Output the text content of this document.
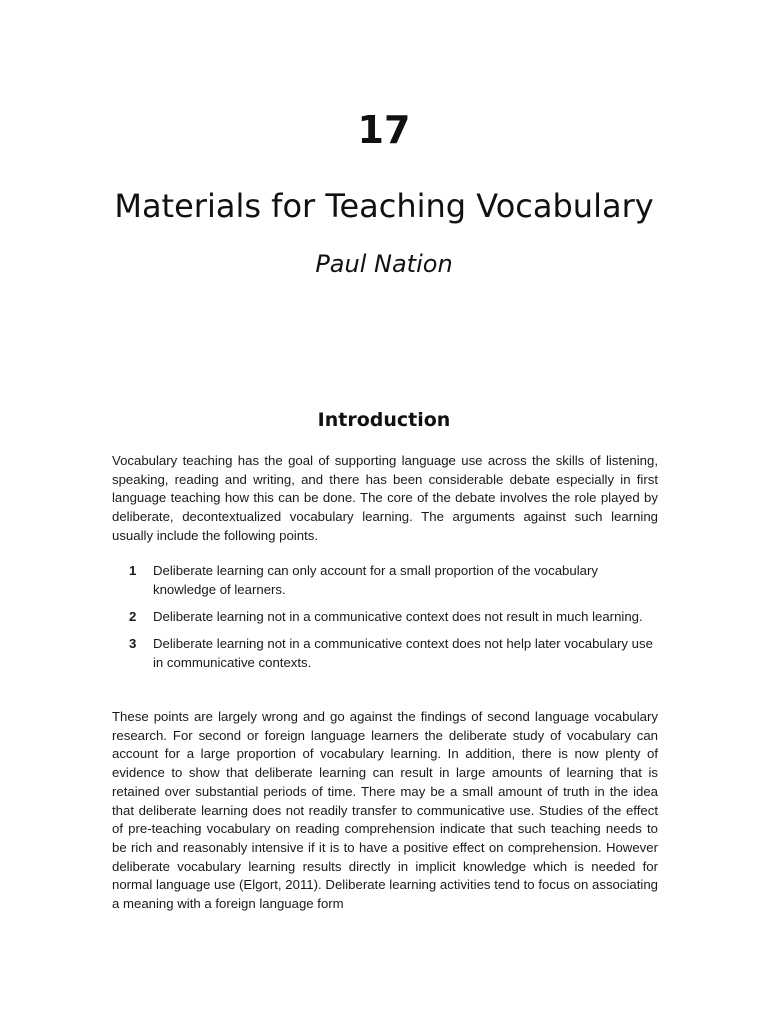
17
Materials for Teaching Vocabulary
Paul Nation
Introduction

Vocabulary teaching has the goal of supporting language use across the skills of listening, speaking, reading and writing, and there has been considerable debate especially in first language teaching how this can be done. The core of the debate involves the role played by deliberate, decontextualized vocabulary learning. The arguments against such learning usually include the following points.

1 Deliberate learning can only account for a small proportion of the vocabulary knowledge of learners.
2 Deliberate learning not in a communicative context does not result in much learning.
3 Deliberate learning not in a communicative context does not help later vocabulary use in communicative contexts.

These points are largely wrong and go against the findings of second language vocabulary research. For second or foreign language learners the deliberate study of vocabulary can account for a large proportion of vocabulary learning. In addition, there is now plenty of evidence to show that deliberate learning can result in large amounts of learning that is retained over substantial periods of time. There may be a small amount of truth in the idea that deliberate learning does not readily transfer to communicative use. Studies of the effect of pre-teaching vocabulary on reading comprehension indicate that such teaching needs to be rich and reasonably intensive if it is to have a positive effect on comprehension. However deliberate vocabulary learning results directly in implicit knowledge which is needed for normal language use (Elgort, 2011). Deliberate learning activities tend to focus on associating a meaning with a foreign language form
